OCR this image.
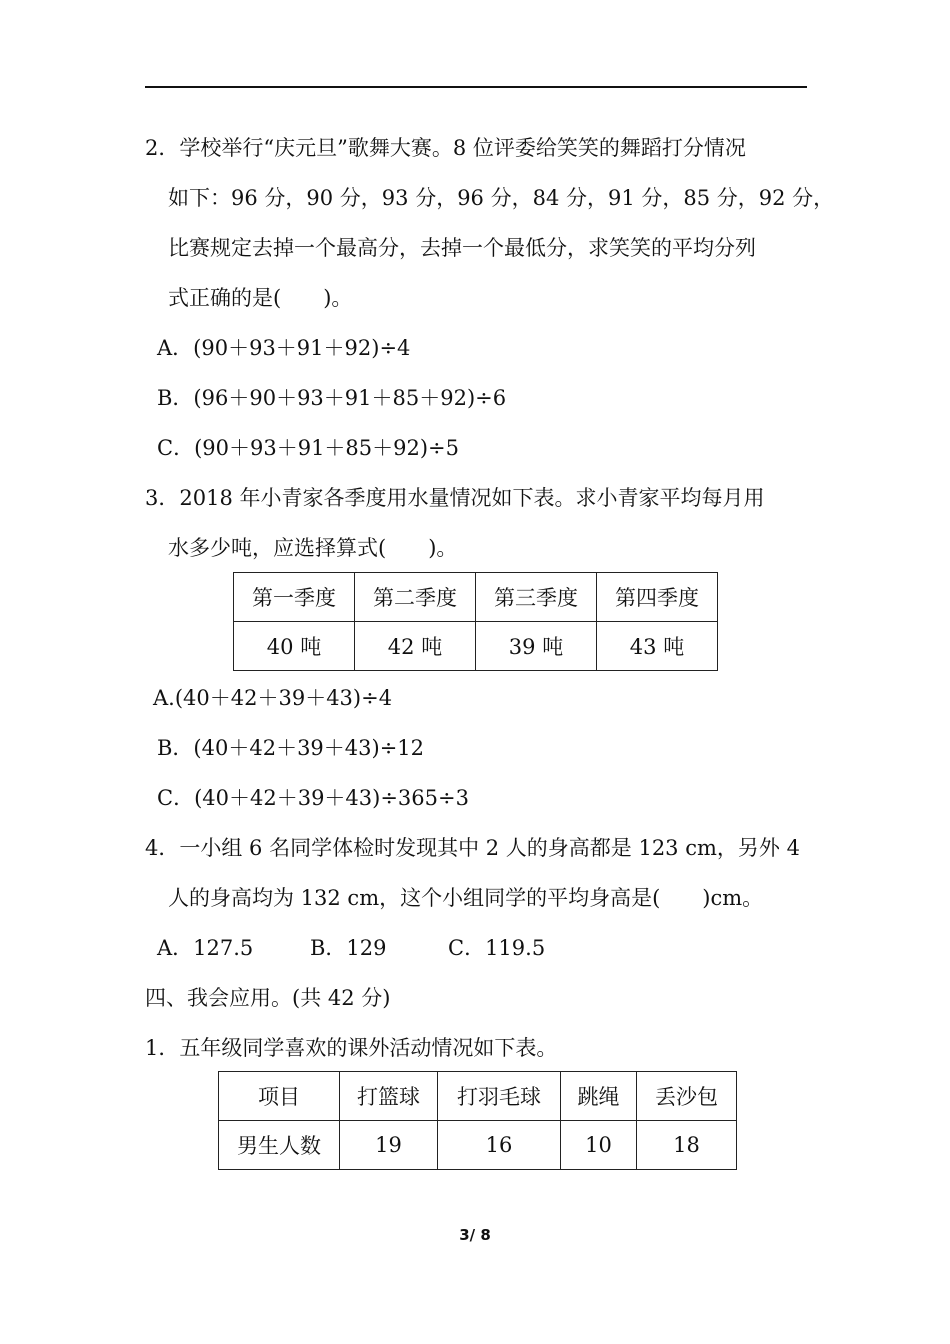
2．学校举行“庆元旦”歌舞大赛。8 位评委给笑笑的舞蹈打分情况
如下：96 分，90 分，93 分，96 分，84 分，91 分，85 分，92 分，
比赛规定去掉一个最高分，去掉一个最低分，求笑笑的平均分列
式正确的是(　　)。
A．(90＋93＋91＋92)÷4
B．(96＋90＋93＋91＋85＋92)÷6
C．(90＋93＋91＋85＋92)÷5
3．2018 年小青家各季度用水量情况如下表。求小青家平均每月用
水多少吨，应选择算式(　　)。
第一季度	第二季度	第三季度	第四季度
40 吨	42 吨	39 吨	43 吨
A.(40＋42＋39＋43)÷4
B．(40＋42＋39＋43)÷12
C．(40＋42＋39＋43)÷365÷3
4．一小组 6 名同学体检时发现其中 2 人的身高都是 123 cm，另外 4
人的身高均为 132 cm，这个小组同学的平均身高是(　　)cm。
A．127.5	B．129	C．119.5
四、我会应用。(共 42 分)
1．五年级同学喜欢的课外活动情况如下表。
项目	打篮球	打羽毛球	跳绳	丢沙包
男生人数	19	16	10	18
3/ 8
